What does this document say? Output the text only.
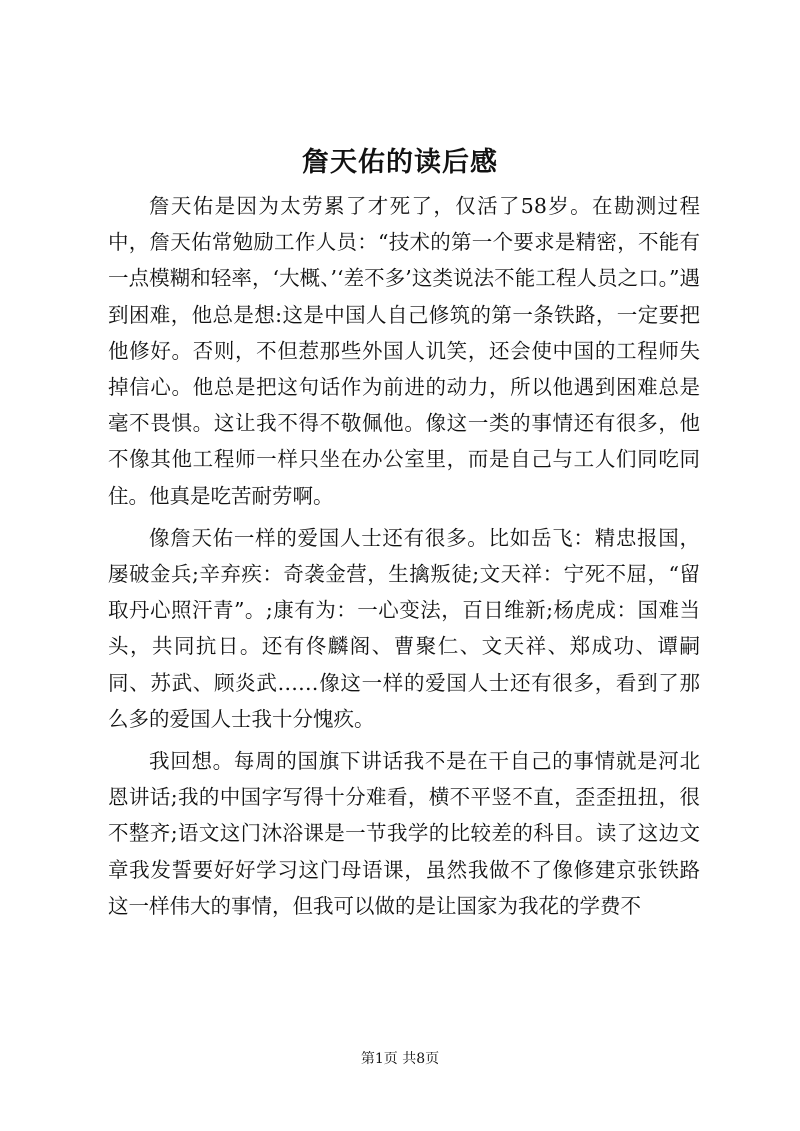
詹天佑的读后感

詹天佑是因为太劳累了才死了，仅活了58岁。在勘测过程中，詹天佑常勉励工作人员：“技术的第一个要求是精密，不能有一点模糊和轻率，‘大概、’‘差不多’这类说法不能工程人员之口。”遇到困难，他总是想:这是中国人自己修筑的第一条铁路，一定要把他修好。否则，不但惹那些外国人讥笑，还会使中国的工程师失掉信心。他总是把这句话作为前进的动力，所以他遇到困难总是毫不畏惧。这让我不得不敬佩他。像这一类的事情还有很多，他不像其他工程师一样只坐在办公室里，而是自己与工人们同吃同住。他真是吃苦耐劳啊。

像詹天佑一样的爱国人士还有很多。比如岳飞：精忠报国，屡破金兵;辛弃疾：奇袭金营，生擒叛徒;文天祥：宁死不屈，“留取丹心照汗青”。;康有为：一心变法，百日维新;杨虎成：国难当头，共同抗日。还有佟麟阁、曹聚仁、文天祥、郑成功、谭嗣同、苏武、顾炎武……像这一样的爱国人士还有很多，看到了那么多的爱国人士我十分愧疚。

我回想。每周的国旗下讲话我不是在干自己的事情就是河北恩讲话;我的中国字写得十分难看，横不平竖不直，歪歪扭扭，很不整齐;语文这门沐浴课是一节我学的比较差的科目。读了这边文章我发誓要好好学习这门母语课，虽然我做不了像修建京张铁路这一样伟大的事情，但我可以做的是让国家为我花的学费不

第1页 共8页
